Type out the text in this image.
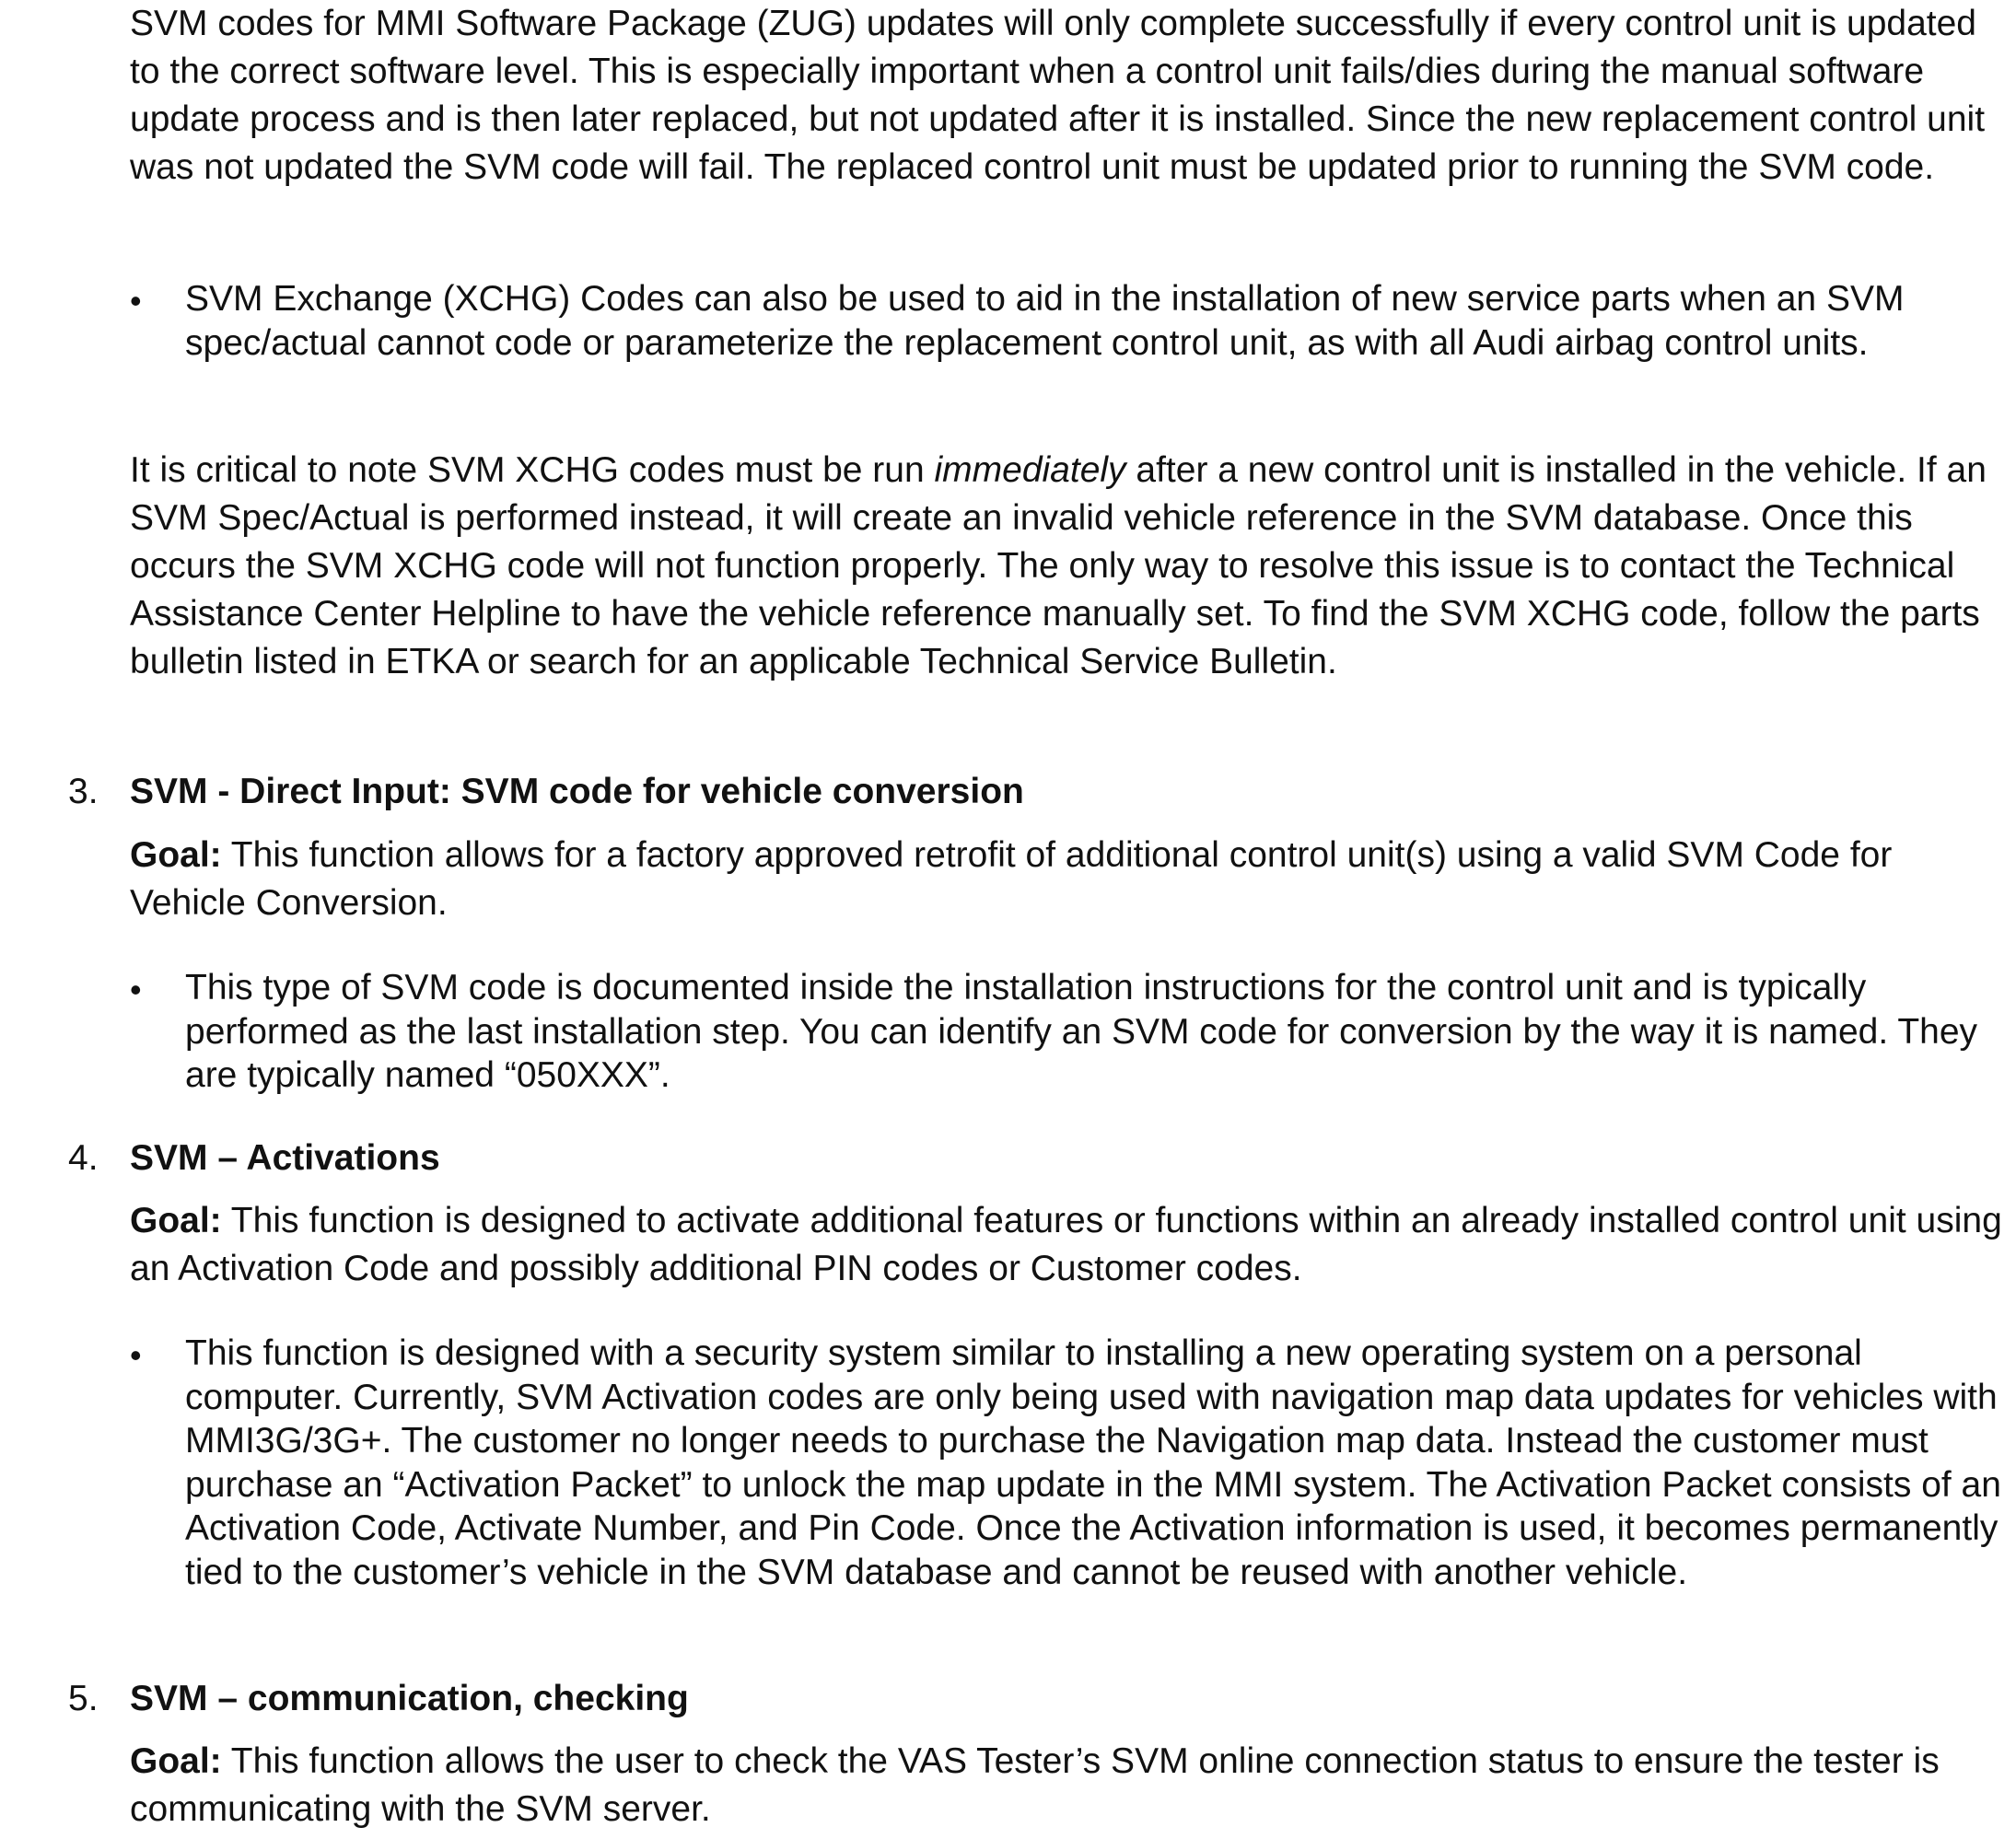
SVM codes for MMI Software Package (ZUG) updates will only complete successfully if every control unit is updated to the correct software level. This is especially important when a control unit fails/dies during the manual software update process and is then later replaced, but not updated after it is installed. Since the new replacement control unit was not updated the SVM code will fail. The replaced control unit must be updated prior to running the SVM code.

•	SVM Exchange (XCHG) Codes can also be used to aid in the installation of new service parts when an SVM spec/actual cannot code or parameterize the replacement control unit, as with all Audi airbag control units.

It is critical to note SVM XCHG codes must be run immediately after a new control unit is installed in the vehicle. If an SVM Spec/Actual is performed instead, it will create an invalid vehicle reference in the SVM database. Once this occurs the SVM XCHG code will not function properly. The only way to resolve this issue is to contact the Technical Assistance Center Helpline to have the vehicle reference manually set. To find the SVM XCHG code, follow the parts bulletin listed in ETKA or search for an applicable Technical Service Bulletin.

3. SVM - Direct Input: SVM code for vehicle conversion

Goal: This function allows for a factory approved retrofit of additional control unit(s) using a valid SVM Code for Vehicle Conversion.

•	This type of SVM code is documented inside the installation instructions for the control unit and is typically performed as the last installation step. You can identify an SVM code for conversion by the way it is named. They are typically named “050XXX”.

4. SVM – Activations

Goal: This function is designed to activate additional features or functions within an already installed control unit using an Activation Code and possibly additional PIN codes or Customer codes.

•	This function is designed with a security system similar to installing a new operating system on a personal computer. Currently, SVM Activation codes are only being used with navigation map data updates for vehicles with MMI3G/3G+. The customer no longer needs to purchase the Navigation map data. Instead the customer must purchase an “Activation Packet” to unlock the map update in the MMI system. The Activation Packet consists of an Activation Code, Activate Number, and Pin Code. Once the Activation information is used, it becomes permanently tied to the customer’s vehicle in the SVM database and cannot be reused with another vehicle.

5. SVM – communication, checking

Goal: This function allows the user to check the VAS Tester’s SVM online connection status to ensure the tester is communicating with the SVM server.
